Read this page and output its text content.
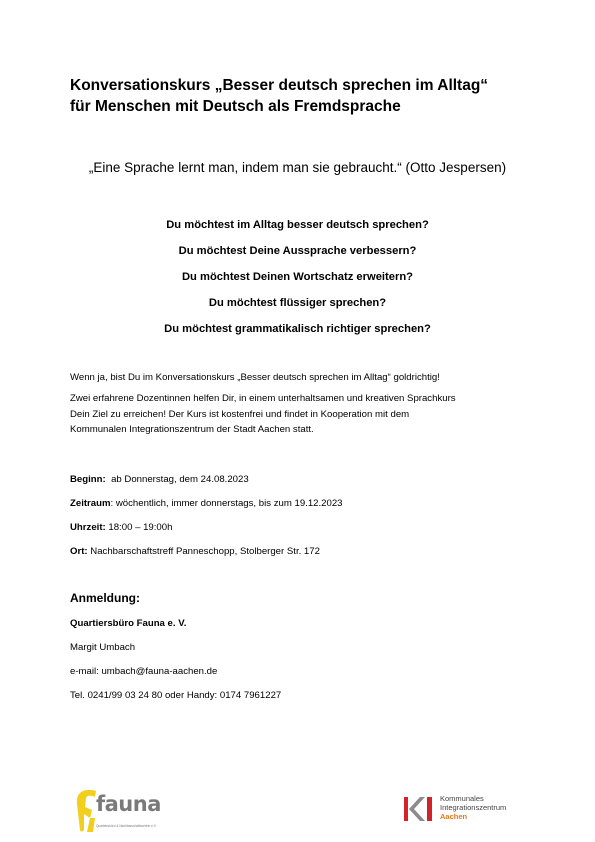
Konversationskurs „Besser deutsch sprechen im Alltag“
für Menschen mit Deutsch als Fremdsprache
„Eine Sprache lernt man, indem man sie gebraucht.“ (Otto Jespersen)
Du möchtest im Alltag besser deutsch sprechen?
Du möchtest Deine Aussprache verbessern?
Du möchtest Deinen Wortschatz erweitern?
Du möchtest flüssiger sprechen?
Du möchtest grammatikalisch richtiger sprechen?
Wenn ja, bist Du im Konversationskurs „Besser deutsch sprechen im Alltag“ goldrichtig!
Zwei erfahrene Dozentinnen helfen Dir, in einem unterhaltsamen und kreativen Sprachkurs
Dein Ziel zu erreichen! Der Kurs ist kostenfrei und findet in Kooperation mit dem
Kommunalen Integrationszentrum der Stadt Aachen statt.
Beginn: ab Donnerstag, dem 24.08.2023
Zeitraum: wöchentlich, immer donnerstags, bis zum 19.12.2023
Uhrzeit: 18:00 – 19:00h
Ort: Nachbarschaftstreff Panneschopp, Stolberger Str. 172
Anmeldung:
Quartiersbüro Fauna e. V.
Margit Umbach
e-mail: umbach@fauna-aachen.de
Tel. 0241/99 03 24 80 oder Handy: 0174 7961227
fauna
Quartiersbüro & Nachbarschaftsverein e.V.
Kommunales
Integrationszentrum
Aachen
